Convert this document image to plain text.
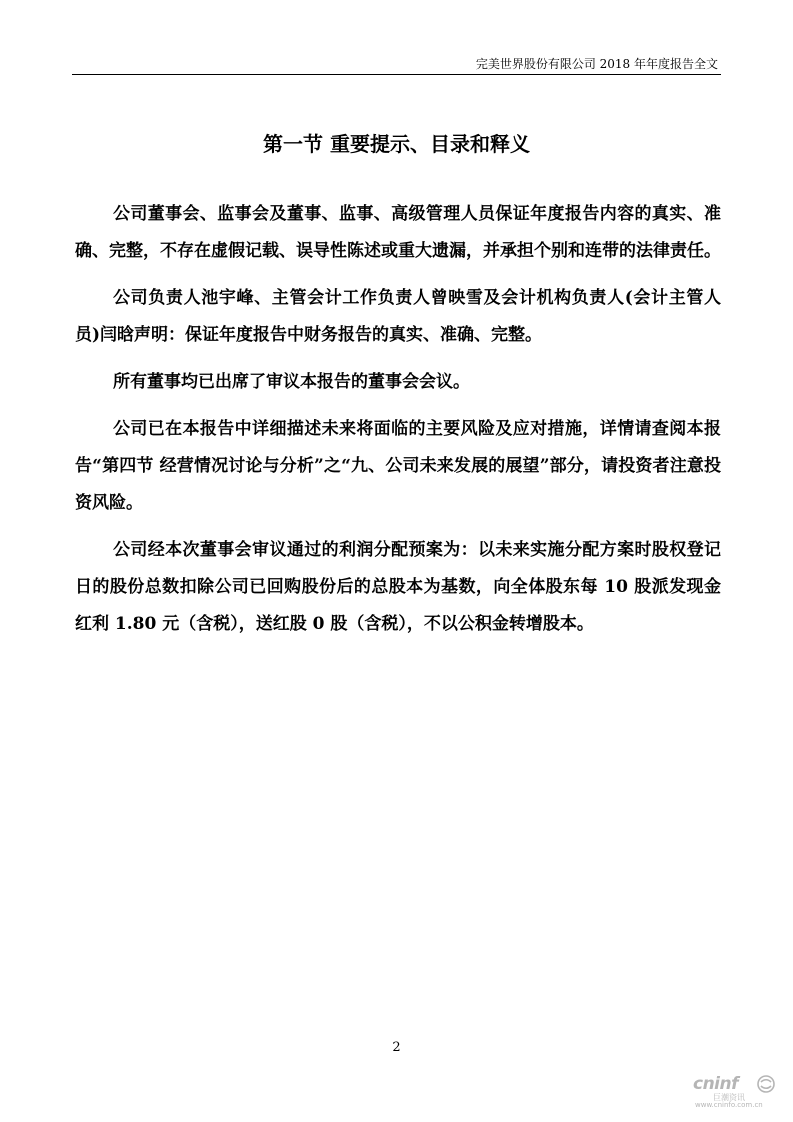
完美世界股份有限公司 2018 年年度报告全文
第一节 重要提示、目录和释义

公司董事会、监事会及董事、监事、高级管理人员保证年度报告内容的真实、准确、完整，不存在虚假记载、误导性陈述或重大遗漏，并承担个别和连带的法律责任。

公司负责人池宇峰、主管会计工作负责人曾映雪及会计机构负责人(会计主管人员)闫晗声明：保证年度报告中财务报告的真实、准确、完整。

所有董事均已出席了审议本报告的董事会会议。

公司已在本报告中详细描述未来将面临的主要风险及应对措施，详情请查阅本报告“第四节 经营情况讨论与分析”之“九、公司未来发展的展望”部分，请投资者注意投资风险。

公司经本次董事会审议通过的利润分配预案为：以未来实施分配方案时股权登记日的股份总数扣除公司已回购股份后的总股本为基数，向全体股东每 10 股派发现金红利 1.80 元（含税），送红股 0 股（含税），不以公积金转增股本。

2
cninf
巨潮资讯
www.cninfo.com.cn
